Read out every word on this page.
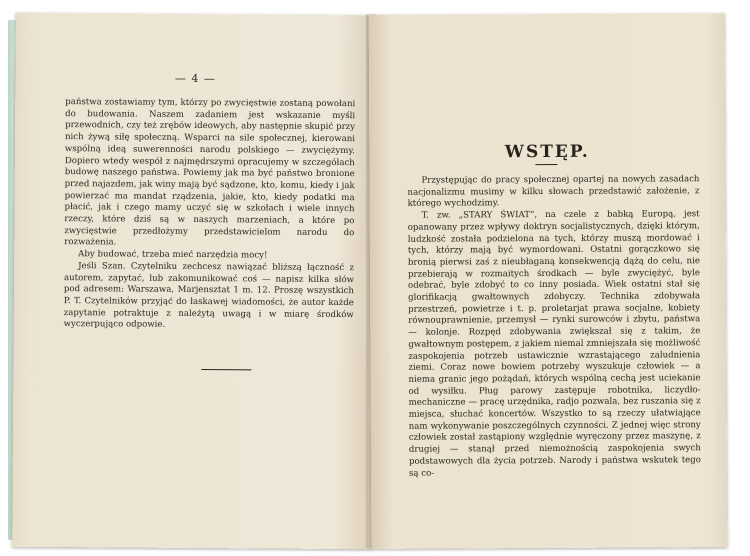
— 4 —

państwa zostawiamy tym, którzy po zwycięstwie zostaną powołani do budowania. Naszem zadaniem jest wskazanie myśli przewodnich, czy też zrębów ideowych, aby następnie skupić przy nich żywą siłę społeczną. Wsparci na sile społecznej, kierowani wspólną ideą suwerenności narodu polskiego — zwyciężymy. Dopiero wtedy wespół z najmędrszymi opracujemy w szczegółach budowę naszego państwa. Powiemy jak ma być państwo bronione przed najazdem, jak winy mają być sądzone, kto, komu, kiedy i jak powierzać ma mandat rządzenia, jakie, kto, kiedy podatki ma płacić, jak i czego mamy uczyć się w szkołach i wiele innych rzeczy, które dziś są w naszych marzeniach, a które po zwycięstwie przedłożymy przedstawicielom narodu do rozważenia.

Aby budować, trzeba mieć narzędzia mocy!

Jeśli Szan. Czytelniku zechcesz nawiązać bliższą łączność z autorem, zapytać, lub zakomunikować coś — napisz kilka słów pod adresem: Warszawa, Marjensztat 1 m. 12. Proszę wszystkich P. T. Czytelników przyjąć do łaskawej wiadomości, że autor każde zapytanie potraktuje z należytą uwagą i w miarę środków wyczerpująco odpowie.

WSTĘP.

Przystępując do pracy społecznej opartej na nowych zasadach nacjonalizmu musimy w kilku słowach przedstawić założenie, z którego wychodzimy.

T. zw. „STARY ŚWIAT“, na czele z babką Europą, jest opanowany przez wpływy doktryn socjalistycznych, dzięki którym, ludzkość została podzielona na tych, którzy muszą mordować i tych, którzy mają być wymordowani. Ostatni gorączkowo się bronią pierwsi zaś z nieubłaganą konsekwencją dążą do celu, nie przebierają w rozmaitych środkach — byle zwyciężyć, byle odebrać, byle zdobyć to co inny posiada. Wiek ostatni stał się glorifikacją gwałtownych zdobyczy. Technika zdobywała przestrzeń, powietrze i t. p. proletarjat prawa socjalne, kobiety równouprawnienie, przemysł — rynki surowców i zbytu, państwa — kolonje. Rozpęd zdobywania zwiększał się z takim, że gwałtownym postępem, z jakiem niemal zmniejszała się możliwość zaspokojenia potrzeb ustawicznie wzrastającego zaludnienia ziemi. Coraz nowe bowiem potrzeby wyszukuje człowiek — a niema granic jego pożądań, których wspólną cechą jest uciekanie od wysiłku. Pług parowy zastępuje robotnika, liczydło-mechaniczne — pracę urzędnika, radjo pozwala, bez ruszania się z miejsca, słuchać koncertów. Wszystko to są rzeczy ułatwiające nam wykonywanie poszczególnych czynności. Z jednej więc strony człowiek został zastąpiony względnie wyręczony przez maszynę, z drugiej — stanął przed niemożnością zaspokojenia swych podstawowych dla życia potrzeb. Narody i państwa wskutek tego są co-
